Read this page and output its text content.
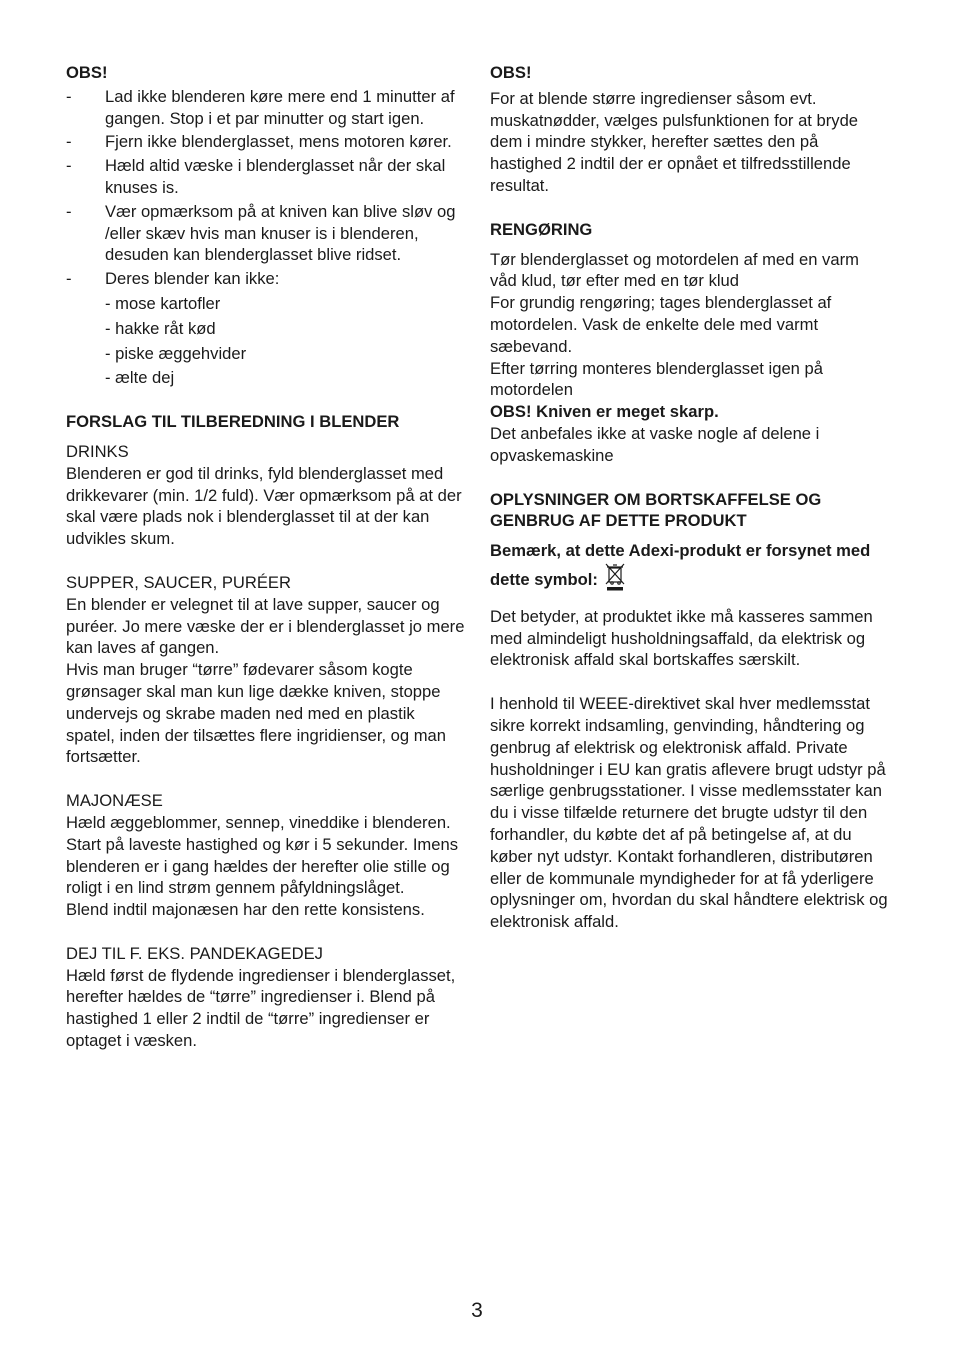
OBS!

-	Lad ikke blenderen køre mere end 1 minutter af gangen. Stop i et par minutter og start igen.
-	Fjern ikke blenderglasset, mens motoren kører.
-	Hæld altid væske i blenderglasset når der skal knuses is.
-	Vær opmærksom på at kniven kan blive sløv og /eller skæv hvis man knuser is i blenderen, desuden kan blenderglasset blive ridset.
-	Deres blender kan ikke:
- mose kartofler
- hakke råt kød
- piske æggehvider
- ælte dej

FORSLAG TIL TILBEREDNING I BLENDER

DRINKS

Blenderen er god til drinks, fyld blenderglasset med drikkevarer (min. 1/2 fuld). Vær opmærksom på at der skal være plads nok i blenderglasset til at der kan udvikles skum.

SUPPER, SAUCER, PURÉER

En blender er velegnet til at lave supper, saucer og puréer. Jo mere væske der er i blenderglasset jo mere kan laves af gangen.

Hvis man bruger “tørre” fødevarer såsom kogte grønsager skal man kun lige dække kniven, stoppe undervejs og skrabe maden ned med en plastik spatel, inden der tilsættes flere ingridienser, og man fortsætter.

MAJONÆSE

Hæld æggeblommer, sennep, vineddike i blenderen. Start på laveste hastighed og kør i 5 sekunder. Imens blenderen er i gang hældes der herefter olie stille og roligt i en lind strøm gennem påfyldningslåget.

Blend indtil majonæsen har den rette konsistens.

DEJ TIL F. EKS. PANDEKAGEDEJ

Hæld først de flydende ingredienser i blenderglasset, herefter hældes de “tørre” ingredienser i. Blend på hastighed 1 eller 2 indtil de “tørre” ingredienser er optaget i væsken.

OBS!

For at blende større ingredienser såsom evt. muskatnødder, vælges pulsfunktionen for at bryde dem i mindre stykker, herefter sættes den på hastighed 2 indtil der er opnået et tilfredsstillende resultat.

RENGØRING

Tør blenderglasset og motordelen af med en varm våd klud, tør efter med en tør klud

For grundig rengøring; tages blenderglasset af motordelen. Vask de enkelte dele med varmt sæbevand.

Efter tørring monteres blenderglasset igen på motordelen

OBS! Kniven er meget skarp.

Det anbefales ikke at vaske nogle af delene i opvaskemaskine

OPLYSNINGER OM BORTSKAFFELSE OG GENBRUG AF DETTE PRODUKT

Bemærk, at dette Adexi-produkt er forsynet med dette symbol:

Det betyder, at produktet ikke må kasseres sammen med almindeligt husholdningsaffald, da elektrisk og elektronisk affald skal bortskaffes særskilt.

I henhold til WEEE-direktivet skal hver medlemsstat sikre korrekt indsamling, genvinding, håndtering og genbrug af elektrisk og elektronisk affald. Private husholdninger i EU kan gratis aflevere brugt udstyr på særlige genbrugsstationer. I visse medlemsstater kan du i visse tilfælde returnere det brugte udstyr til den forhandler, du købte det af på betingelse af, at du køber nyt udstyr. Kontakt forhandleren, distributøren eller de kommunale myndigheder for at få yderligere oplysninger om, hvordan du skal håndtere elektrisk og elektronisk affald.

3
